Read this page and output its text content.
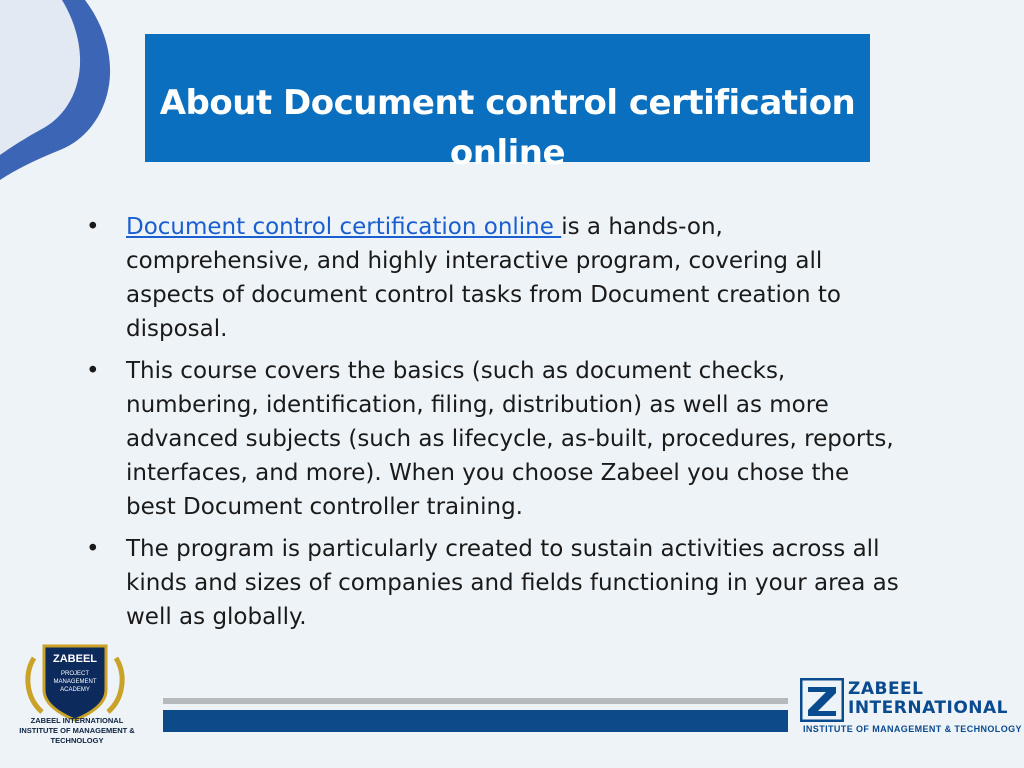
About Document control certification online
• Document control certification online is a hands-on, comprehensive, and highly interactive program, covering all aspects of document control tasks from Document creation to disposal.
• This course covers the basics (such as document checks, numbering, identification, filing, distribution) as well as more advanced subjects (such as lifecycle, as-built, procedures, reports, interfaces, and more). When you choose Zabeel you chose the best Document controller training.
• The program is particularly created to sustain activities across all kinds and sizes of companies and fields functioning in your area as well as globally.
ZABEEL
PROJECT
MANAGEMENT
ACADEMY
ZABEEL INTERNATIONAL
INSTITUTE OF MANAGEMENT & TECHNOLOGY
ZABEEL
INTERNATIONAL
INSTITUTE OF MANAGEMENT & TECHNOLOGY
